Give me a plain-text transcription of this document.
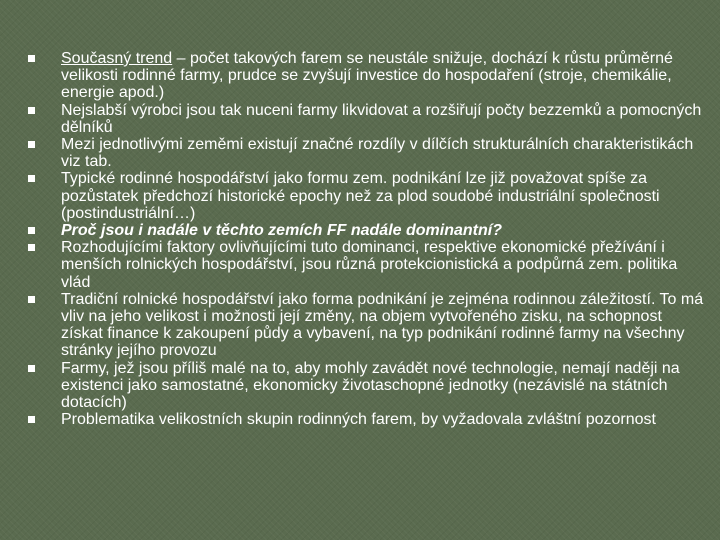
Současný trend – počet takových farem se neustále snižuje, dochází k růstu průměrné velikosti rodinné farmy, prudce se zvyšují investice do hospodaření (stroje, chemikálie, energie apod.)
Nejslabší výrobci jsou tak nuceni farmy likvidovat a rozšiřují počty bezzemků a pomocných dělníků
Mezi jednotlivými zeměmi existují značné rozdíly v dílčích strukturálních charakteristikách viz tab.
Typické rodinné hospodářství jako formu zem. podnikání lze již považovat spíše za pozůstatek předchozí historické epochy než za plod soudobé industriální společnosti (postindustriální…)
Proč jsou i nadále v těchto zemích FF nadále dominantní?
Rozhodujícími faktory ovlivňujícími tuto dominanci, respektive ekonomické přežívání i menších rolnických hospodářství, jsou různá protekcionistická a podpůrná zem. politika vlád
Tradiční rolnické hospodářství jako forma podnikání je zejména rodinnou záležitostí. To má vliv na jeho velikost i možnosti její změny, na objem vytvořeného zisku, na schopnost získat finance k zakoupení půdy a vybavení, na typ podnikání rodinné farmy na všechny stránky jejího provozu
Farmy, jež jsou příliš malé na to, aby mohly zavádět nové technologie, nemají naději na existenci jako samostatné, ekonomicky životaschopné jednotky (nezávislé na státních dotacích)
Problematika velikostních skupin rodinných farem, by vyžadovala zvláštní pozornost
